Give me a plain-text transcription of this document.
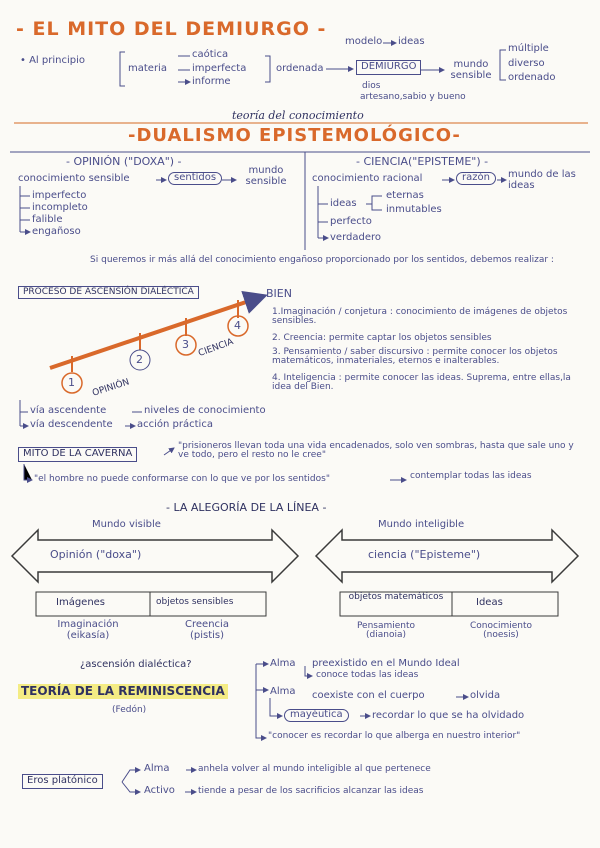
- EL MITO DEL DEMIURGO -
• Al principio
materia
caótica
imperfecta
informe
ordenada
modelo ideas
DEMIURGO	mundo sensible
dios
artesano,sabio y bueno
múltiple
diverso
ordenado
teoría del conocimiento
-DUALISMO EPISTEMOLÓGICO-
- OPINIÓN ("DOXA") -
conocimiento sensible	sentidos
mundo sensible
imperfecto
incompleto
falible
engañoso
- CIENCIA("EPISTEME") -
conocimiento racional	razón	mundo de las ideas
ideas
eternas
inmutables
perfecto
verdadero
Si queremos ir más allá del conocimiento engañoso proporcionado por los sentidos, debemos realizar :
PROCESO DE ASCENSIÓN DIALÉCTICA	BIEN
1
2
3
4
OPINIÓN
CIENCIA
1.Imaginación / conjetura : conocimiento de imágenes de objetos sensibles.
2. Creencia: permite captar los objetos sensibles
3. Pensamiento / saber discursivo : permite conocer los objetos matemáticos, inmateriales, eternos e inalterables.
4. Inteligencia : permite conocer las ideas. Suprema, entre ellas,la idea del Bien.
vía ascendente	niveles de conocimiento
vía descendente acción práctica
MITO DE LA CAVERNA
"prisioneros llevan toda una vida encadenados, solo ven sombras, hasta que sale uno y ve todo, pero el resto no le cree"
"el hombre no puede conformarse con lo que ve por los sentidos"	contemplar todas las ideas
- LA ALEGORÍA DE LA LÍNEA -
Mundo visible	Mundo inteligible
Opinión ("doxa")	ciencia ("Episteme")
Imágenes	objetos sensibles	objetos matemáticos	Ideas
Imaginación (eikasía)
Creencia (pistis)
Pensamiento (dianoia)
Conocimiento (noesis)
¿ascensión dialéctica?
TEORÍA DE LA REMINISCENCIA
(Fedón)
Alma preexistido en el Mundo Ideal
conoce todas las ideas
Alma coexiste con el cuerpo	olvida
mayéutica	recordar lo que se ha olvidado
"conocer es recordar lo que alberga en nuestro interior"
Eros platónico
Alma	anhela volver al mundo inteligible al que pertenece
Activo	tiende a pesar de los sacrificios alcanzar las ideas
